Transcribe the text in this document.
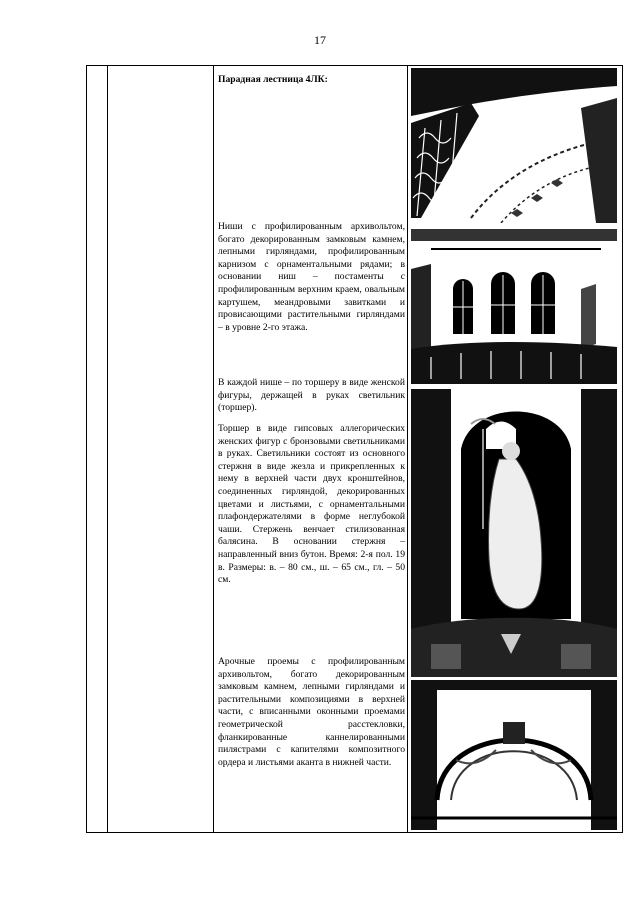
17
Парадная лестница 4ЛК:

Ниши с профилированным архивольтом, богато декорированным замковым камнем, лепными гирляндами, профилированным карнизом с орнаментальными рядами; в основании ниш – постаменты с профилированным верхним краем, овальным картушем, меандровыми завитками и провисающими растительными гирляндами – в уровне 2-го этажа.

В каждой нише – по торшеру в виде женской фигуры, держащей в руках светильник (торшер).

Торшер в виде гипсовых аллегорических женских фигур с бронзовыми светильниками в руках. Светильники состоят из основного стержня в виде жезла и прикрепленных к нему в верхней части двух кронштейнов, соединенных гирляндой, декорированных цветами и листьями, с орнаментальными плафондержателями в форме неглубокой чаши. Стержень венчает стилизованная балясина. В основании стержня – направленный вниз бутон. Время: 2-я пол. 19 в. Размеры: в. – 80 см., ш. – 65 см., гл. – 50 см.

Арочные проемы с профилированным архивольтом, богато декорированным замковым камнем, лепными гирляндами и растительными композициями в верхней части, с вписанными оконными проемами геометрической расстекловки, фланкированные каннелированными пилястрами с капителями композитного ордера и листьями аканта в нижней части.
